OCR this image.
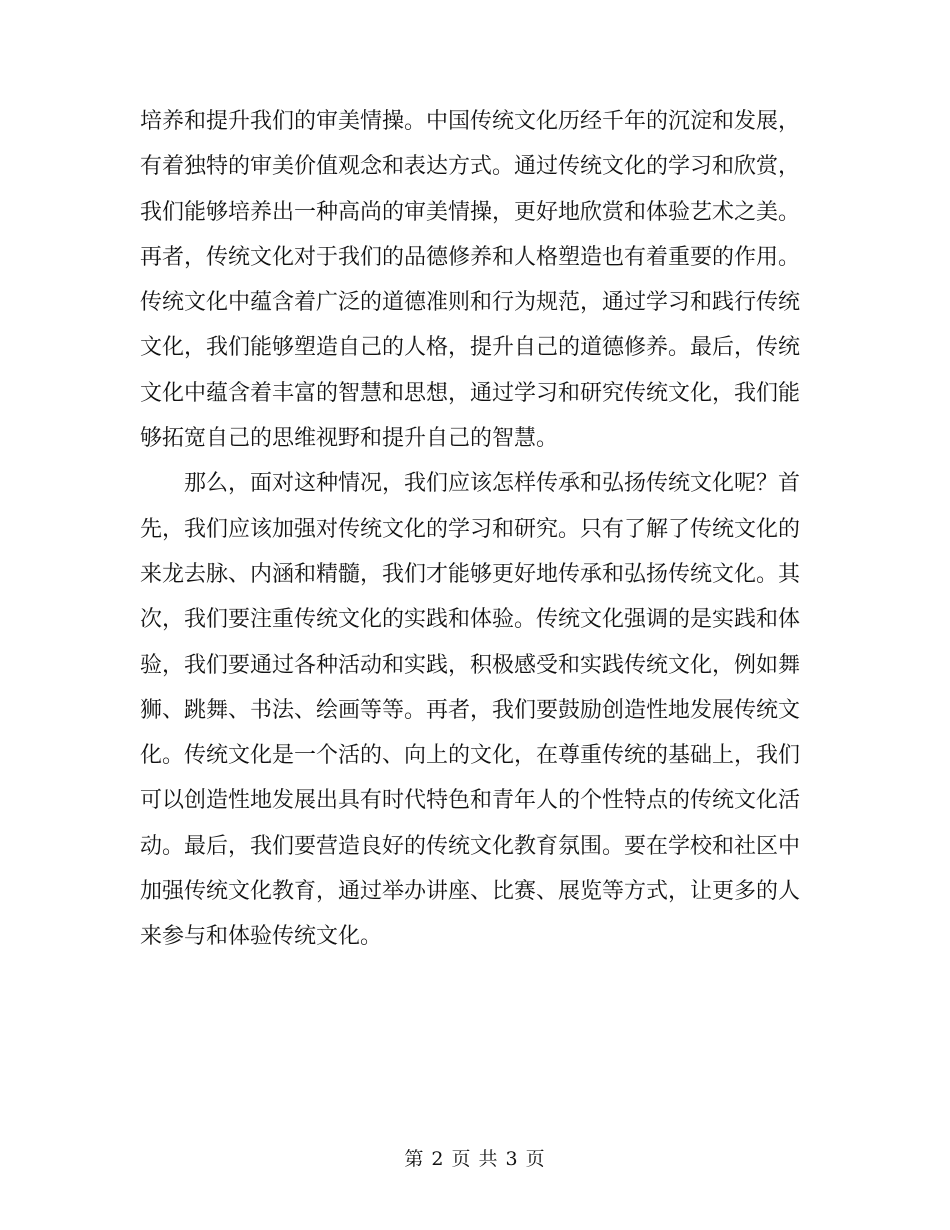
培养和提升我们的审美情操。中国传统文化历经千年的沉淀和发展，有着独特的审美价值观念和表达方式。通过传统文化的学习和欣赏，我们能够培养出一种高尚的审美情操，更好地欣赏和体验艺术之美。再者，传统文化对于我们的品德修养和人格塑造也有着重要的作用。传统文化中蕴含着广泛的道德准则和行为规范，通过学习和践行传统文化，我们能够塑造自己的人格，提升自己的道德修养。最后，传统文化中蕴含着丰富的智慧和思想，通过学习和研究传统文化，我们能够拓宽自己的思维视野和提升自己的智慧。

那么，面对这种情况，我们应该怎样传承和弘扬传统文化呢？首先，我们应该加强对传统文化的学习和研究。只有了解了传统文化的来龙去脉、内涵和精髓，我们才能够更好地传承和弘扬传统文化。其次，我们要注重传统文化的实践和体验。传统文化强调的是实践和体验，我们要通过各种活动和实践，积极感受和实践传统文化，例如舞狮、跳舞、书法、绘画等等。再者，我们要鼓励创造性地发展传统文化。传统文化是一个活的、向上的文化，在尊重传统的基础上，我们可以创造性地发展出具有时代特色和青年人的个性特点的传统文化活动。最后，我们要营造良好的传统文化教育氛围。要在学校和社区中加强传统文化教育，通过举办讲座、比赛、展览等方式，让更多的人来参与和体验传统文化。

第 2 页 共 3 页
